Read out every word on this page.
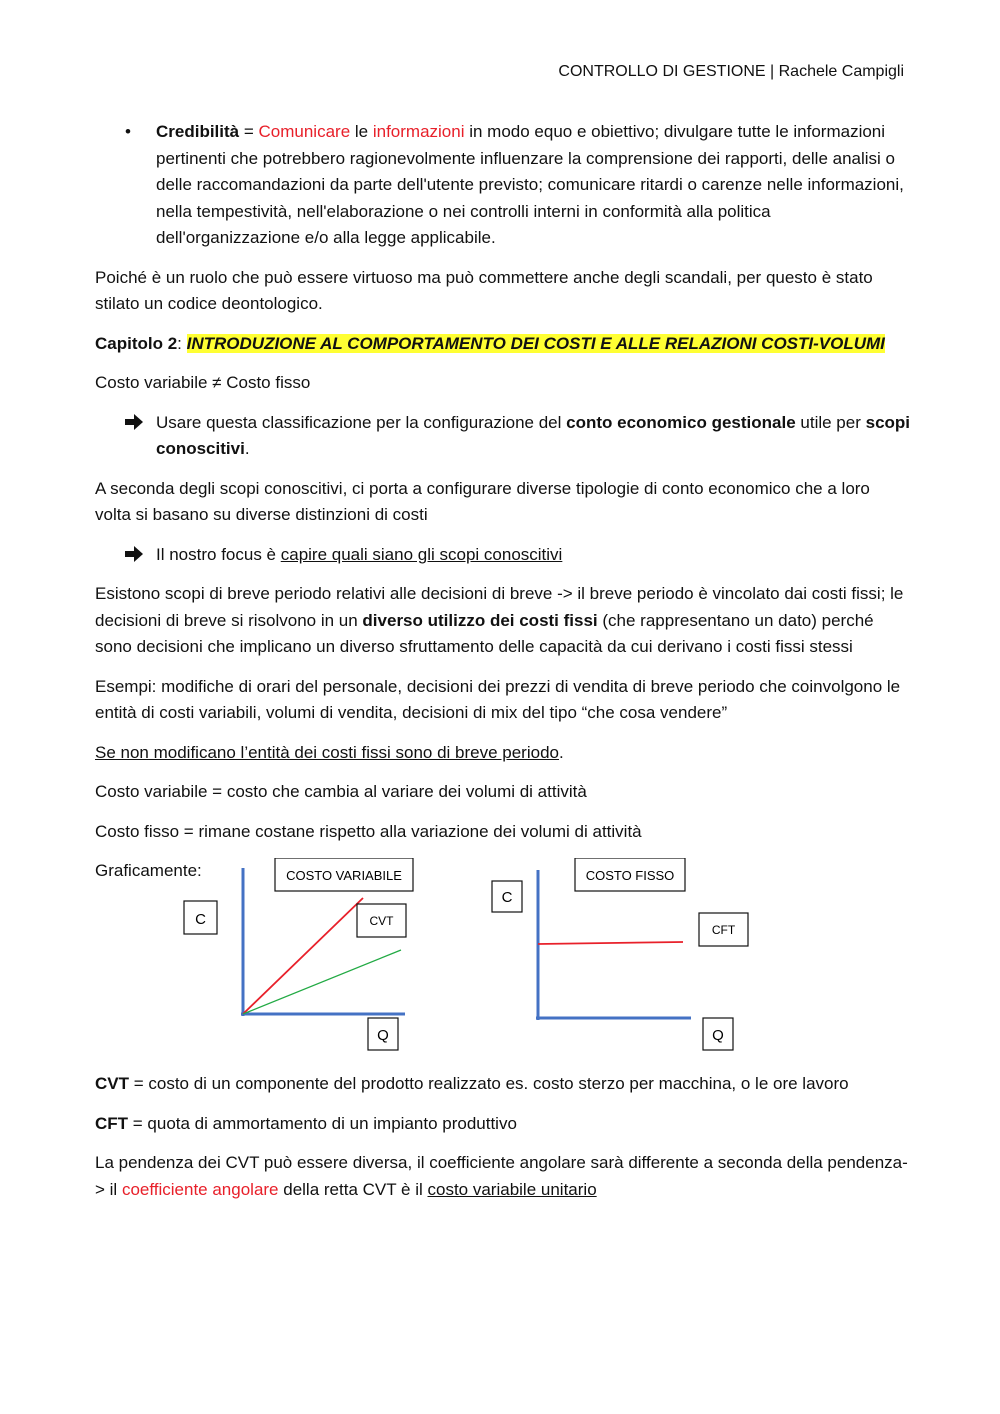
CONTROLLO DI GESTIONE | Rachele Campigli
• Credibilità = Comunicare le informazioni in modo equo e obiettivo; divulgare tutte le informazioni pertinenti che potrebbero ragionevolmente influenzare la comprensione dei rapporti, delle analisi o delle raccomandazioni da parte dell'utente previsto; comunicare ritardi o carenze nelle informazioni, nella tempestività, nell'elaborazione o nei controlli interni in conformità alla politica dell'organizzazione e/o alla legge applicabile.

Poiché è un ruolo che può essere virtuoso ma può commettere anche degli scandali, per questo è stato stilato un codice deontologico.

Capitolo 2: INTRODUZIONE AL COMPORTAMENTO DEI COSTI E ALLE RELAZIONI COSTI-VOLUMI

Costo variabile ≠ Costo fisso

Usare questa classificazione per la configurazione del conto economico gestionale utile per scopi conoscitivi.

A seconda degli scopi conoscitivi, ci porta a configurare diverse tipologie di conto economico che a loro volta si basano su diverse distinzioni di costi

Il nostro focus è capire quali siano gli scopi conoscitivi

Esistono scopi di breve periodo relativi alle decisioni di breve -> il breve periodo è vincolato dai costi fissi; le decisioni di breve si risolvono in un diverso utilizzo dei costi fissi (che rappresentano un dato) perché sono decisioni che implicano un diverso sfruttamento delle capacità da cui derivano i costi fissi stessi

Esempi: modifiche di orari del personale, decisioni dei prezzi di vendita di breve periodo che coinvolgono le entità di costi variabili, volumi di vendita, decisioni di mix del tipo “che cosa vendere”

Se non modificano l’entità dei costi fissi sono di breve periodo.

Costo variabile = costo che cambia al variare dei volumi di attività

Costo fisso = rimane costane rispetto alla variazione dei volumi di attività

Graficamente:	COSTO VARIABILE
C	CVT
Q
COSTO FISSO
C
CFT
Q

CVT = costo di un componente del prodotto realizzato es. costo sterzo per macchina, o le ore lavoro

CFT = quota di ammortamento di un impianto produttivo

La pendenza dei CVT può essere diversa, il coefficiente angolare sarà differente a seconda della pendenza-> il coefficiente angolare della retta CVT è il costo variabile unitario
